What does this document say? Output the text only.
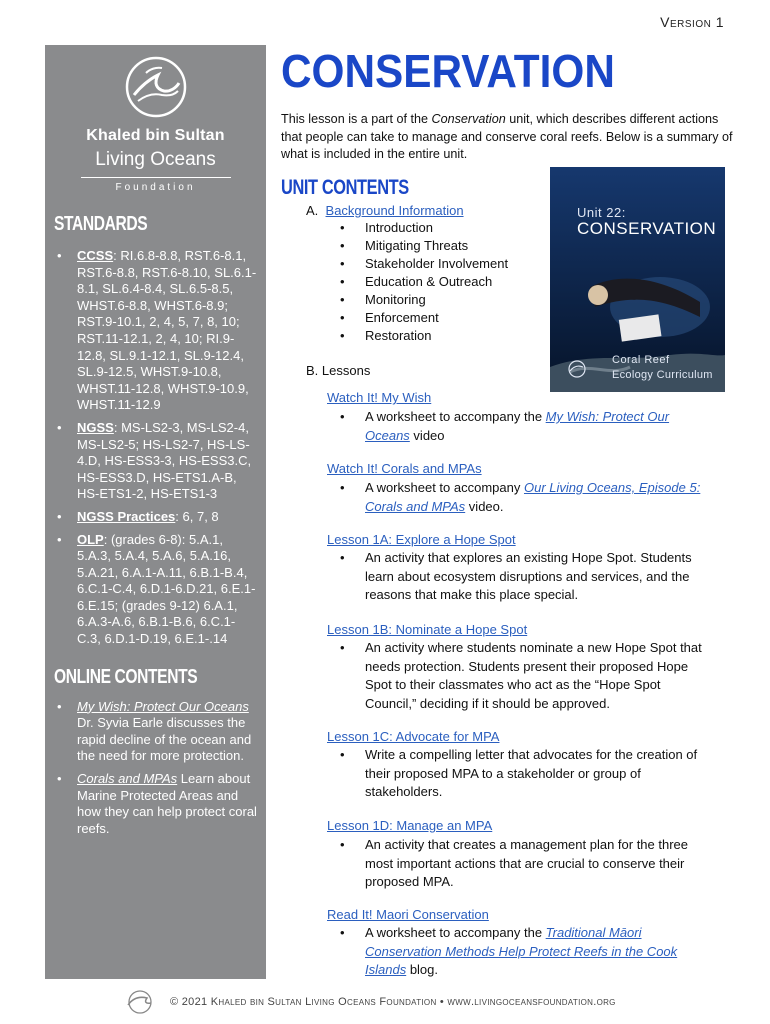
Version 1
Khaled bin Sultan
Living Oceans
Foundation
STANDARDS
• CCSS: RI.6.8-8.8, RST.6-8.1, RST.6-8.8, RST.6-8.10, SL.6.1-8.1, SL.6.4-8.4, SL.6.5-8.5, WHST.6-8.8, WHST.6-8.9; RST.9-10.1, 2, 4, 5, 7, 8, 10; RST.11-12.1, 2, 4, 10; RI.9-12.8, SL.9.1-12.1, SL.9-12.4, SL.9-12.5, WHST.9-10.8, WHST.11-12.8, WHST.9-10.9, WHST.11-12.9
• NGSS: MS-LS2-3, MS-LS2-4, MS-LS2-5; HS-LS2-7, HS-LS-4.D, HS-ESS3-3, HS-ESS3.C, HS-ESS3.D, HS-ETS1.A-B, HS-ETS1-2, HS-ETS1-3
• NGSS Practices: 6, 7, 8
• OLP: (grades 6-8): 5.A.1, 5.A.3, 5.A.4, 5.A.6, 5.A.16, 5.A.21, 6.A.1-A.11, 6.B.1-B.4, 6.C.1-C.4, 6.D.1-6.D.21, 6.E.1-6.E.15; (grades 9-12) 6.A.1, 6.A.3-A.6, 6.B.1-B.6, 6.C.1-C.3, 6.D.1-D.19, 6.E.1-.14
ONLINE CONTENTS
• My Wish: Protect Our Oceans Dr. Syvia Earle discusses the rapid decline of the ocean and the need for more protection.
• Corals and MPAs Learn about Marine Protected Areas and how they can help protect coral reefs.
CONSERVATION
This lesson is a part of the Conservation unit, which describes different actions that people can take to manage and conserve coral reefs. Below is a summary of what is included in the entire unit.
UNIT CONTENTS
Unit 22:
CONSERVATION
Coral Reef
Ecology Curriculum
A. Background Information
• Introduction
• Mitigating Threats
• Stakeholder Involvement
• Education & Outreach
• Monitoring
• Enforcement
• Restoration
B. Lessons
Watch It! My Wish
• A worksheet to accompany the My Wish: Protect Our Oceans video
Watch It! Corals and MPAs
• A worksheet to accompany Our Living Oceans, Episode 5: Corals and MPAs video.
Lesson 1A: Explore a Hope Spot
• An activity that explores an existing Hope Spot. Students learn about ecosystem disruptions and services, and the reasons that make this place special.
Lesson 1B: Nominate a Hope Spot
• An activity where students nominate a new Hope Spot that needs protection. Students present their proposed Hope Spot to their classmates who act as the “Hope Spot Council,” deciding if it should be approved.
Lesson 1C: Advocate for MPA
• Write a compelling letter that advocates for the creation of their proposed MPA to a stakeholder or group of stakeholders.
Lesson 1D: Manage an MPA
• An activity that creates a management plan for the three most important actions that are crucial to conserve their proposed MPA.
Read It! Maori Conservation
• A worksheet to accompany the Traditional Māori Conservation Methods Help Protect Reefs in the Cook Islands blog.
© 2021 Khaled bin Sultan Living Oceans Foundation • www.livingoceansfoundation.org
